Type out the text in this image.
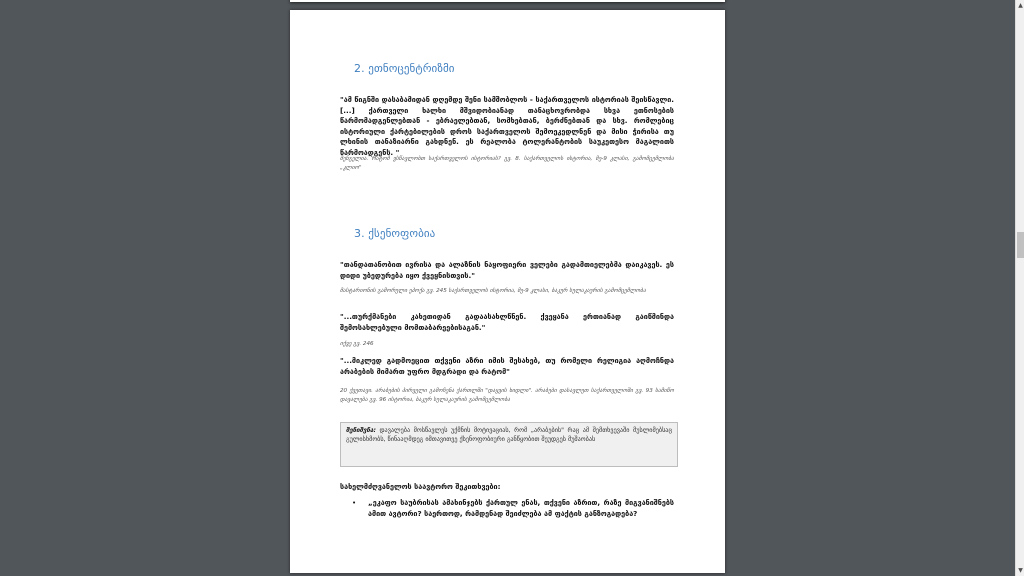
2. ეთნოცენტრიზმი
"ამ წიგნში დასაბამიდან დღემდე შენი სამშობლოს - საქართველოს ისტორიას შეისწავლი. [...] ქართველი ხალხი მშვიდობიანად თანაცხოვრობდა სხვა ეთნოსების წარმომადგენლებთან - ებრაელებთან, სომხებთან, ბერძნებთან და სხვ. რომლებიც ისტორიული ქარტებილების დროს საქართველოს შემოეკედლნენ და მისი ჭირისა თუ ლხინის თანაზიარნი გახდნენ. ეს რეალობა ტოლერანტობის საუკეთესო მაგალითს წარმოადგენს. "
შენგელია. რატომ ვსწავლობთ საქართველოს ისტორიას? გვ. 8. საქართველოს ისტორია, მე-9 კლასი, გამომცემლობა „კლიო"
3. ქსენოფობია
"თანდათანობით ივრისა და ალაზნის ნაყოფიერი ველები გადამთიელებმა დაიკავეს. ეს დიდი უბედურება იყო ქვეყნისთვის."
მასტარიონის გამორული ეპოქა გვ. 245 საქართველოს ისტორია, მე-9 კლასი, ბაკურ სულაკაურის გამომცემლობა
"...თურქმანები კახეთიდან გადაასახლწნენ. ქვეყანა ერთიანად გაიწმინდა შემოსახლებული მომთაბარეებისაგან."
იქვე გვ. 246
"...მიკლედ გადმოეცით თქვენი აზრი იმის შესახებ, თუ რომელი რელიგია აღმოჩნდა არაბების მიმართ უფრო მდგრადი და რატომ"
20 ქვეთავი. არაბების პირველი გამოჩენა ქართლში "დაყვის ხიდლი". არაბები დასავლეთ საქართველოში გვ. 93 სამიწო დავალება გვ. 96 ისტორია, ბაკურ სულაკაურის გამომცემლობა
შენიშვნა: დავალება მოსწავლეს უქმნის მოტივაციას, რომ „არაბების" რაც ამ შემთხვევაში მუსლიმებსაც გულისხმობს, წინააღმდეგ იმთავითვე ქსენოფობიური განწყობით შეუდგეს მუშაობას
სახელმძღვანელოს საავტორო შეკითხვები:
•	„ეკაფო საუბრისას ამახინჯებს ქართულ ენას, თქვენი აზრით, რაზე მიგვანიშნებს ამით ავტორი? საერთოდ, რამდენად შეიძლება ამ ფაქტის განზოგადება?
▲
▼
